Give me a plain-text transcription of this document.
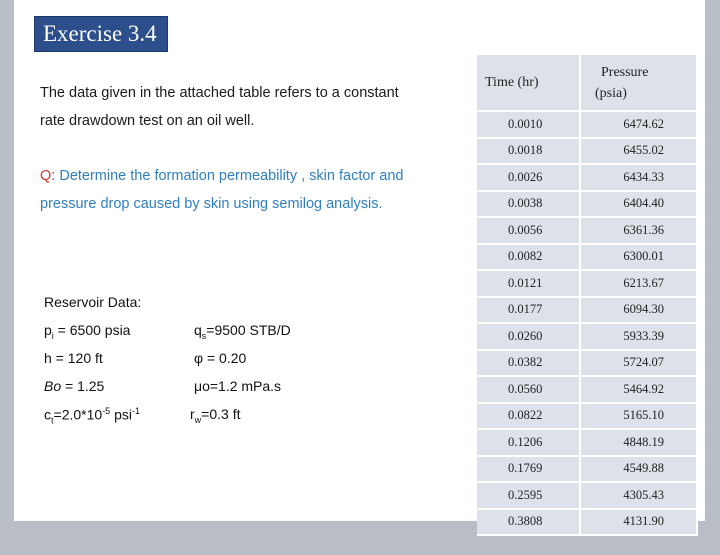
Exercise 3.4
The data given in the attached table refers to a constant
rate drawdown test on an oil well.
Q: Determine the formation permeability , skin factor and
pressure drop caused by skin using semilog analysis.
Reservoir Data:
$p_i = 6500$ psia	$q_s=9500$ STB/D
h = 120 ft	φ = 0.20
Bo = 1.25	μo=1.2 mPa.s
$c_t=2.0*10^{-5}$ psi$^{-1}$	$r_w=0.3$ ft
Time (hr)	Pressure
(psia)

0.0010	6474.62
0.0018	6455.02
0.0026	6434.33
0.0038	6404.40
0.0056	6361.36
0.0082	6300.01
0.0121	6213.67
0.0177	6094.30
0.0260	5933.39
0.0382	5724.07
0.0560	5464.92
0.0822	5165.10
0.1206	4848.19
0.1769	4549.88
0.2595	4305.43
0.3808	4131.90
